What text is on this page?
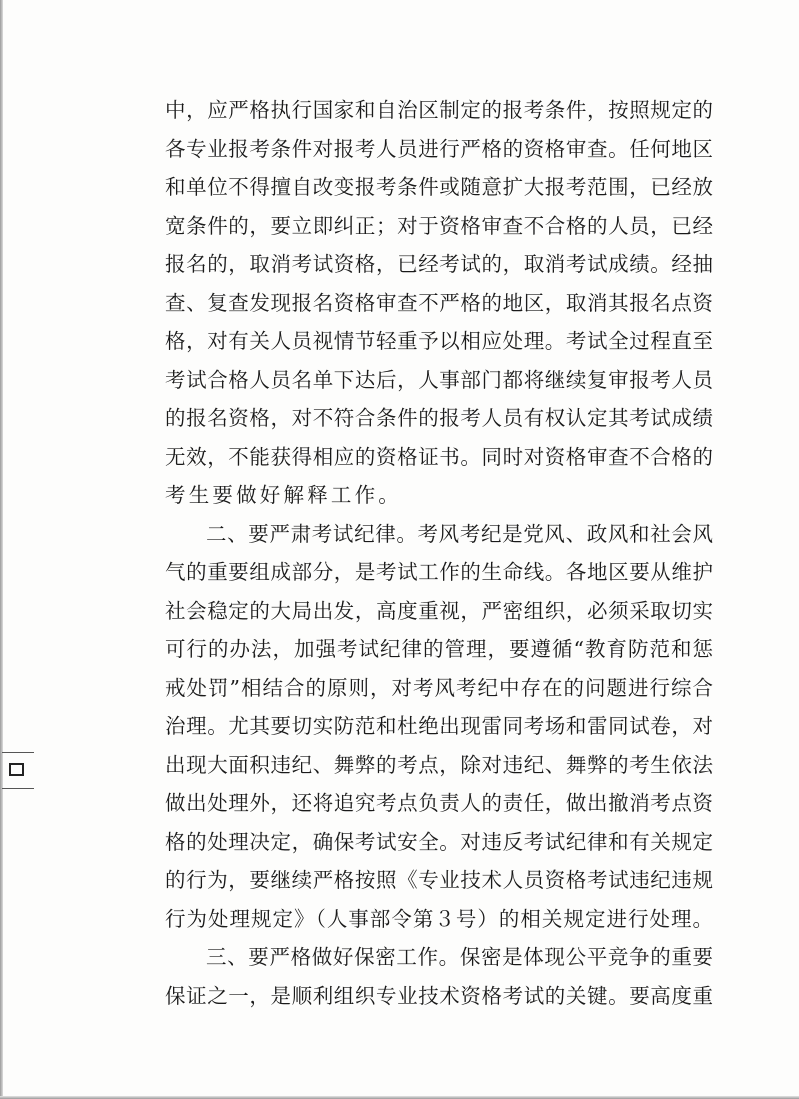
中，应严格执行国家和自治区制定的报考条件，按照规定的
各专业报考条件对报考人员进行严格的资格审查。任何地区
和单位不得擅自改变报考条件或随意扩大报考范围，已经放
宽条件的，要立即纠正；对于资格审查不合格的人员，已经
报名的，取消考试资格，已经考试的，取消考试成绩。经抽
查、复查发现报名资格审查不严格的地区，取消其报名点资
格，对有关人员视情节轻重予以相应处理。考试全过程直至
考试合格人员名单下达后，人事部门都将继续复审报考人员
的报名资格，对不符合条件的报考人员有权认定其考试成绩
无效，不能获得相应的资格证书。同时对资格审查不合格的
考生要做好解释工作。
二、要严肃考试纪律。考风考纪是党风、政风和社会风
气的重要组成部分，是考试工作的生命线。各地区要从维护
社会稳定的大局出发，高度重视，严密组织，必须采取切实
可行的办法，加强考试纪律的管理，要遵循“教育防范和惩
戒处罚”相结合的原则，对考风考纪中存在的问题进行综合
治理。尤其要切实防范和杜绝出现雷同考场和雷同试卷，对
出现大面积违纪、舞弊的考点，除对违纪、舞弊的考生依法
做出处理外，还将追究考点负责人的责任，做出撤消考点资
格的处理决定，确保考试安全。对违反考试纪律和有关规定
的行为，要继续严格按照《专业技术人员资格考试违纪违规
行为处理规定》（人事部令第３号）的相关规定进行处理。
三、要严格做好保密工作。保密是体现公平竞争的重要
保证之一，是顺利组织专业技术资格考试的关键。要高度重
